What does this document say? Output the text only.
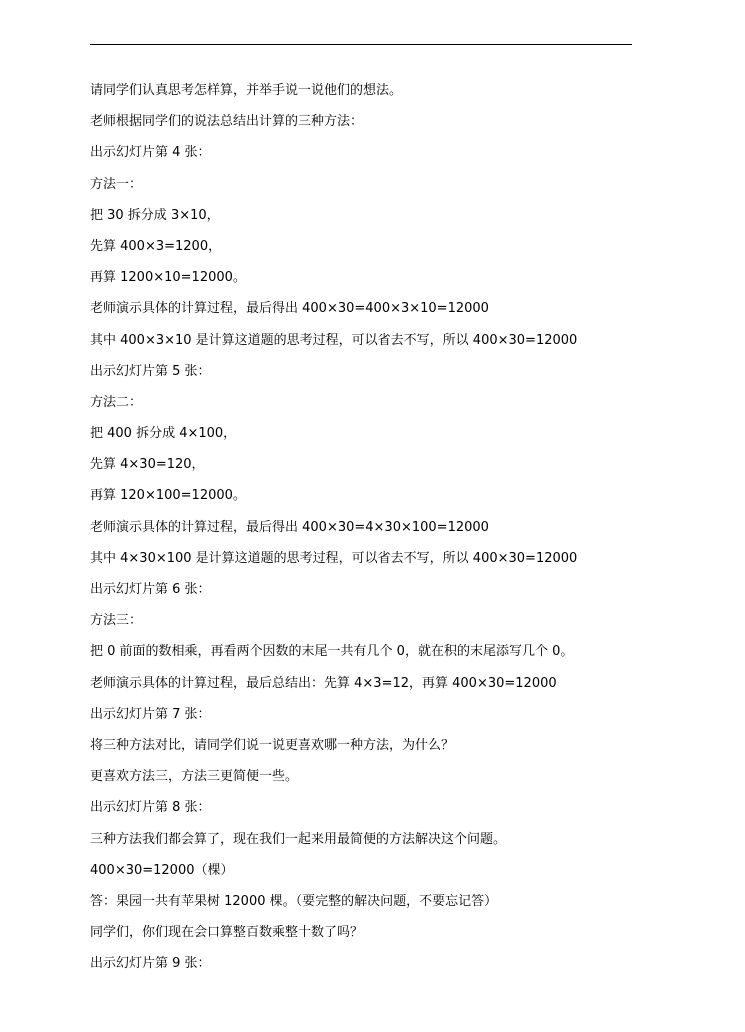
请同学们认真思考怎样算，并举手说一说他们的想法。
老师根据同学们的说法总结出计算的三种方法：
出示幻灯片第 4 张：
方法一：
把 30 拆分成 3×10，
先算 400×3=1200，
再算 1200×10=12000。
老师演示具体的计算过程，最后得出 400×30=400×3×10=12000
其中 400×3×10 是计算这道题的思考过程，可以省去不写，所以 400×30=12000
出示幻灯片第 5 张：
方法二：
把 400 拆分成 4×100，
先算 4×30=120，
再算 120×100=12000。
老师演示具体的计算过程，最后得出 400×30=4×30×100=12000
其中 4×30×100 是计算这道题的思考过程，可以省去不写，所以 400×30=12000
出示幻灯片第 6 张：
方法三：
把 0 前面的数相乘，再看两个因数的末尾一共有几个 0，就在积的末尾添写几个 0。
老师演示具体的计算过程，最后总结出：先算 4×3=12，再算 400×30=12000
出示幻灯片第 7 张：
将三种方法对比，请同学们说一说更喜欢哪一种方法，为什么？
更喜欢方法三，方法三更简便一些。
出示幻灯片第 8 张：
三种方法我们都会算了，现在我们一起来用最简便的方法解决这个问题。
400×30=12000（棵）
答：果园一共有苹果树 12000 棵。（要完整的解决问题，不要忘记答）
同学们，你们现在会口算整百数乘整十数了吗？
出示幻灯片第 9 张：
